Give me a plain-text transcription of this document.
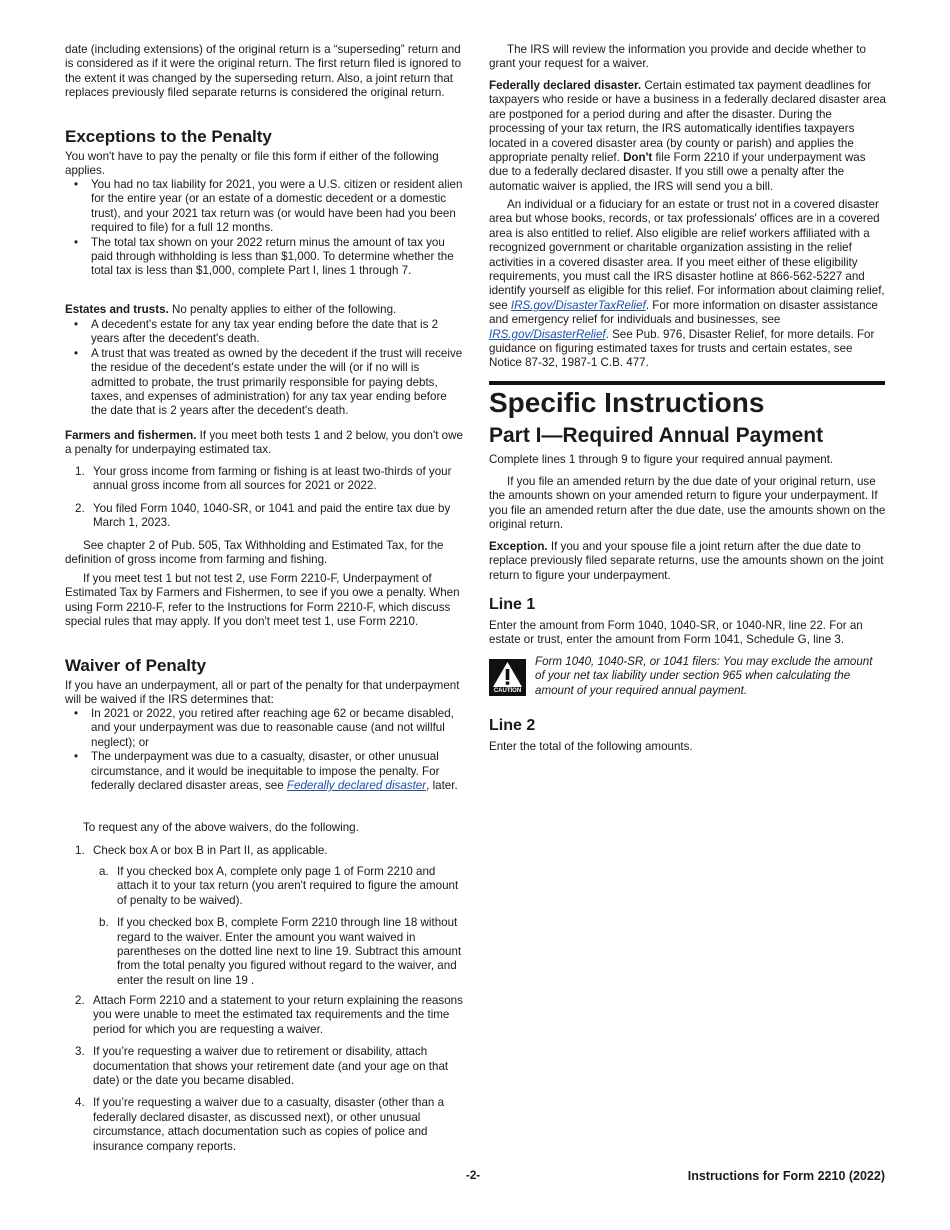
date (including extensions) of the original return is a “superseding” return and is considered as if it were the original return. The first return filed is ignored to the extent it was changed by the superseding return. Also, a joint return that replaces previously filed separate returns is considered the original return.

Exceptions to the Penalty

You won't have to pay the penalty or file this form if either of the following applies.

• You had no tax liability for 2021, you were a U.S. citizen or resident alien for the entire year (or an estate of a domestic decedent or a domestic trust), and your 2021 tax return was (or would have been had you been required to file) for a full 12 months.
• The total tax shown on your 2022 return minus the amount of tax you paid through withholding is less than $1,000. To determine whether the total tax is less than $1,000, complete Part I, lines 1 through 7.

Estates and trusts. No penalty applies to either of the following.

• A decedent's estate for any tax year ending before the date that is 2 years after the decedent's death.
• A trust that was treated as owned by the decedent if the trust will receive the residue of the decedent's estate under the will (or if no will is admitted to probate, the trust primarily responsible for paying debts, taxes, and expenses of administration) for any tax year ending before the date that is 2 years after the decedent's death.

Farmers and fishermen. If you meet both tests 1 and 2 below, you don't owe a penalty for underpaying estimated tax.

1. Your gross income from farming or fishing is at least two-thirds of your annual gross income from all sources for 2021 or 2022.
2. You filed Form 1040, 1040-SR, or 1041 and paid the entire tax due by March 1, 2023.

See chapter 2 of Pub. 505, Tax Withholding and Estimated Tax, for the definition of gross income from farming and fishing.

If you meet test 1 but not test 2, use Form 2210-F, Underpayment of Estimated Tax by Farmers and Fishermen, to see if you owe a penalty. When using Form 2210-F, refer to the Instructions for Form 2210-F, which discuss special rules that may apply. If you don't meet test 1, use Form 2210.

Waiver of Penalty

If you have an underpayment, all or part of the penalty for that underpayment will be waived if the IRS determines that:

• In 2021 or 2022, you retired after reaching age 62 or became disabled, and your underpayment was due to reasonable cause (and not willful neglect); or
• The underpayment was due to a casualty, disaster, or other unusual circumstance, and it would be inequitable to impose the penalty. For federally declared disaster areas, see Federally declared disaster, later.

To request any of the above waivers, do the following.

1. Check box A or box B in Part II, as applicable.
a. If you checked box A, complete only page 1 of Form 2210 and attach it to your tax return (you aren't required to figure the amount of penalty to be waived).
b. If you checked box B, complete Form 2210 through line 18 without regard to the waiver. Enter the amount you want waived in parentheses on the dotted line next to line 19. Subtract this amount from the total penalty you figured without regard to the waiver, and enter the result on line 19 .
2. Attach Form 2210 and a statement to your return explaining the reasons you were unable to meet the estimated tax requirements and the time period for which you are requesting a waiver.
3. If you’re requesting a waiver due to retirement or disability, attach documentation that shows your retirement date (and your age on that date) or the date you became disabled.
4. If you’re requesting a waiver due to a casualty, disaster (other than a federally declared disaster, as discussed next), or other unusual circumstance, attach documentation such as copies of police and insurance company reports.

The IRS will review the information you provide and decide whether to grant your request for a waiver.

Federally declared disaster. Certain estimated tax payment deadlines for taxpayers who reside or have a business in a federally declared disaster area are postponed for a period during and after the disaster. During the processing of your tax return, the IRS automatically identifies taxpayers located in a covered disaster area (by county or parish) and applies the appropriate penalty relief. Don't file Form 2210 if your underpayment was due to a federally declared disaster. If you still owe a penalty after the automatic waiver is applied, the IRS will send you a bill.

An individual or a fiduciary for an estate or trust not in a covered disaster area but whose books, records, or tax professionals' offices are in a covered area is also entitled to relief. Also eligible are relief workers affiliated with a recognized government or charitable organization assisting in the relief activities in a covered disaster area. If you meet either of these eligibility requirements, you must call the IRS disaster hotline at 866-562-5227 and identify yourself as eligible for this relief. For information about claiming relief, see IRS.gov/DisasterTaxRelief. For more information on disaster assistance and emergency relief for individuals and businesses, see IRS.gov/DisasterRelief. See Pub. 976, Disaster Relief, for more details. For guidance on figuring estimated taxes for trusts and certain estates, see Notice 87-32, 1987-1 C.B. 477.

Specific Instructions
Part I—Required Annual Payment

Complete lines 1 through 9 to figure your required annual payment.

If you file an amended return by the due date of your original return, use the amounts shown on your amended return to figure your underpayment. If you file an amended return after the due date, use the amounts shown on the original return.

Exception. If you and your spouse file a joint return after the due date to replace previously filed separate returns, use the amounts shown on the joint return to figure your underpayment.

Line 1

Enter the amount from Form 1040, 1040-SR, or 1040-NR, line 22. For an estate or trust, enter the amount from Form 1041, Schedule G, line 3.

CAUTION

Form 1040, 1040-SR, or 1041 filers: You may exclude the amount of your net tax liability under section 965 when calculating the amount of your required annual payment.

Line 2

Enter the total of the following amounts.

-2-	Instructions for Form 2210 (2022)
